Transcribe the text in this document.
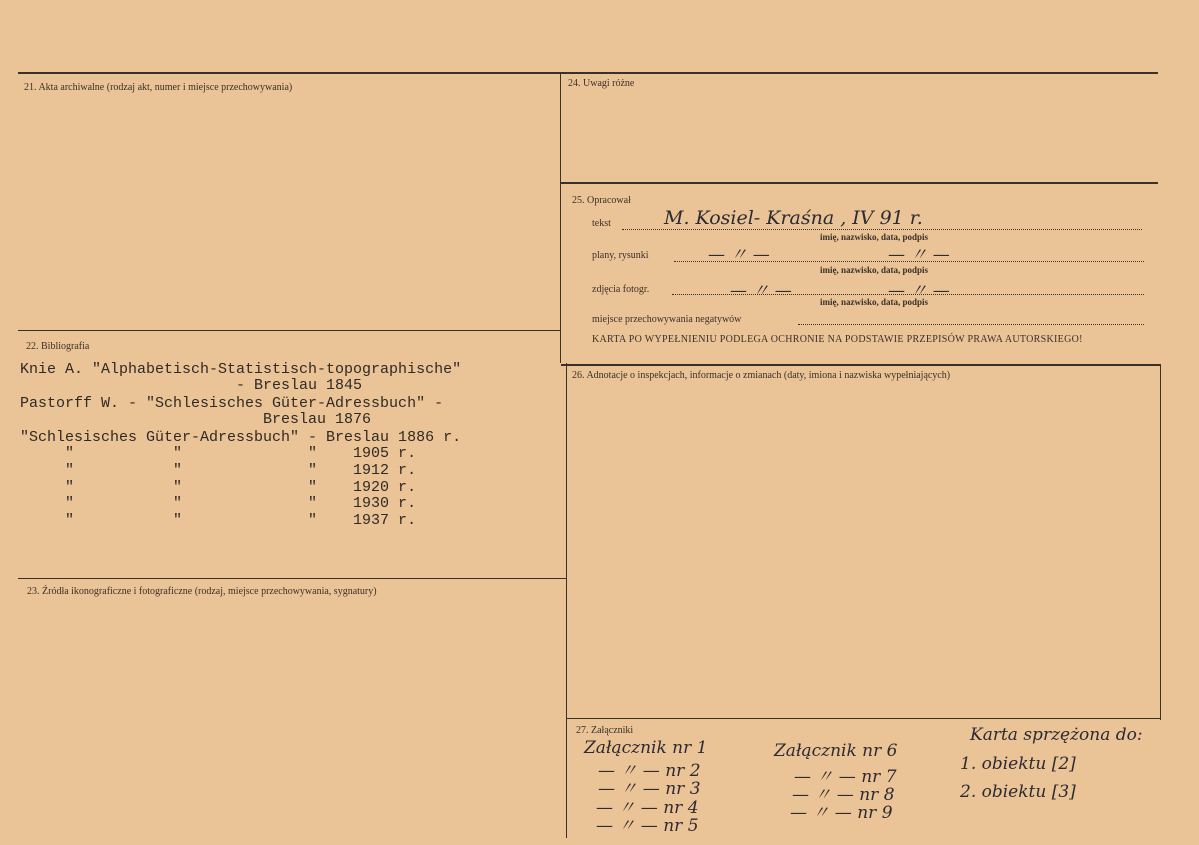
21. Akta archiwalne (rodzaj akt, numer i miejsce przechowywania)
22. Bibliografia
Knie A. "Alphabetisch-Statistisch-topographische"
- Breslau 1845
Pastorff W. - "Schlesisches Güter-Adressbuch" -
Breslau 1876
"Schlesisches Güter-Adressbuch" - Breslau 1886 r.
"           "              "    1905 r.
"           "              "    1912 r.
"           "              "    1920 r.
"           "              "    1930 r.
"           "              "    1937 r.
23. Źródła ikonograficzne i fotograficzne (rodzaj, miejsce przechowywania, sygnatury)
24. Uwagi różne
25. Opracował
tekst	M. Kosiel- Kraśna , IV 91 r.
imię, nazwisko, data, podpis
plany, rysunki	— 〃 —	— 〃 —
imię, nazwisko, data, podpis
zdjęcia fotogr.	— 〃 —	— 〃 —
imię, nazwisko, data, podpis
miejsce przechowywania negatywów
KARTA PO WYPEŁNIENIU PODLEGA OCHRONIE NA PODSTAWIE PRZEPISÓW PRAWA AUTORSKIEGO!
26. Adnotacje o inspekcjach, informacje o zmianach (daty, imiona i nazwiska wypełniających)
27. Załączniki
Załącznik nr 1
— 〃 — nr 2
— 〃 — nr 3
— 〃 — nr 4
— 〃 — nr 5
Załącznik nr 6
— 〃 — nr 7
— 〃 — nr 8
— 〃 — nr 9
Karta sprzężona do:
1. obiektu [2]
2. obiektu [3]
